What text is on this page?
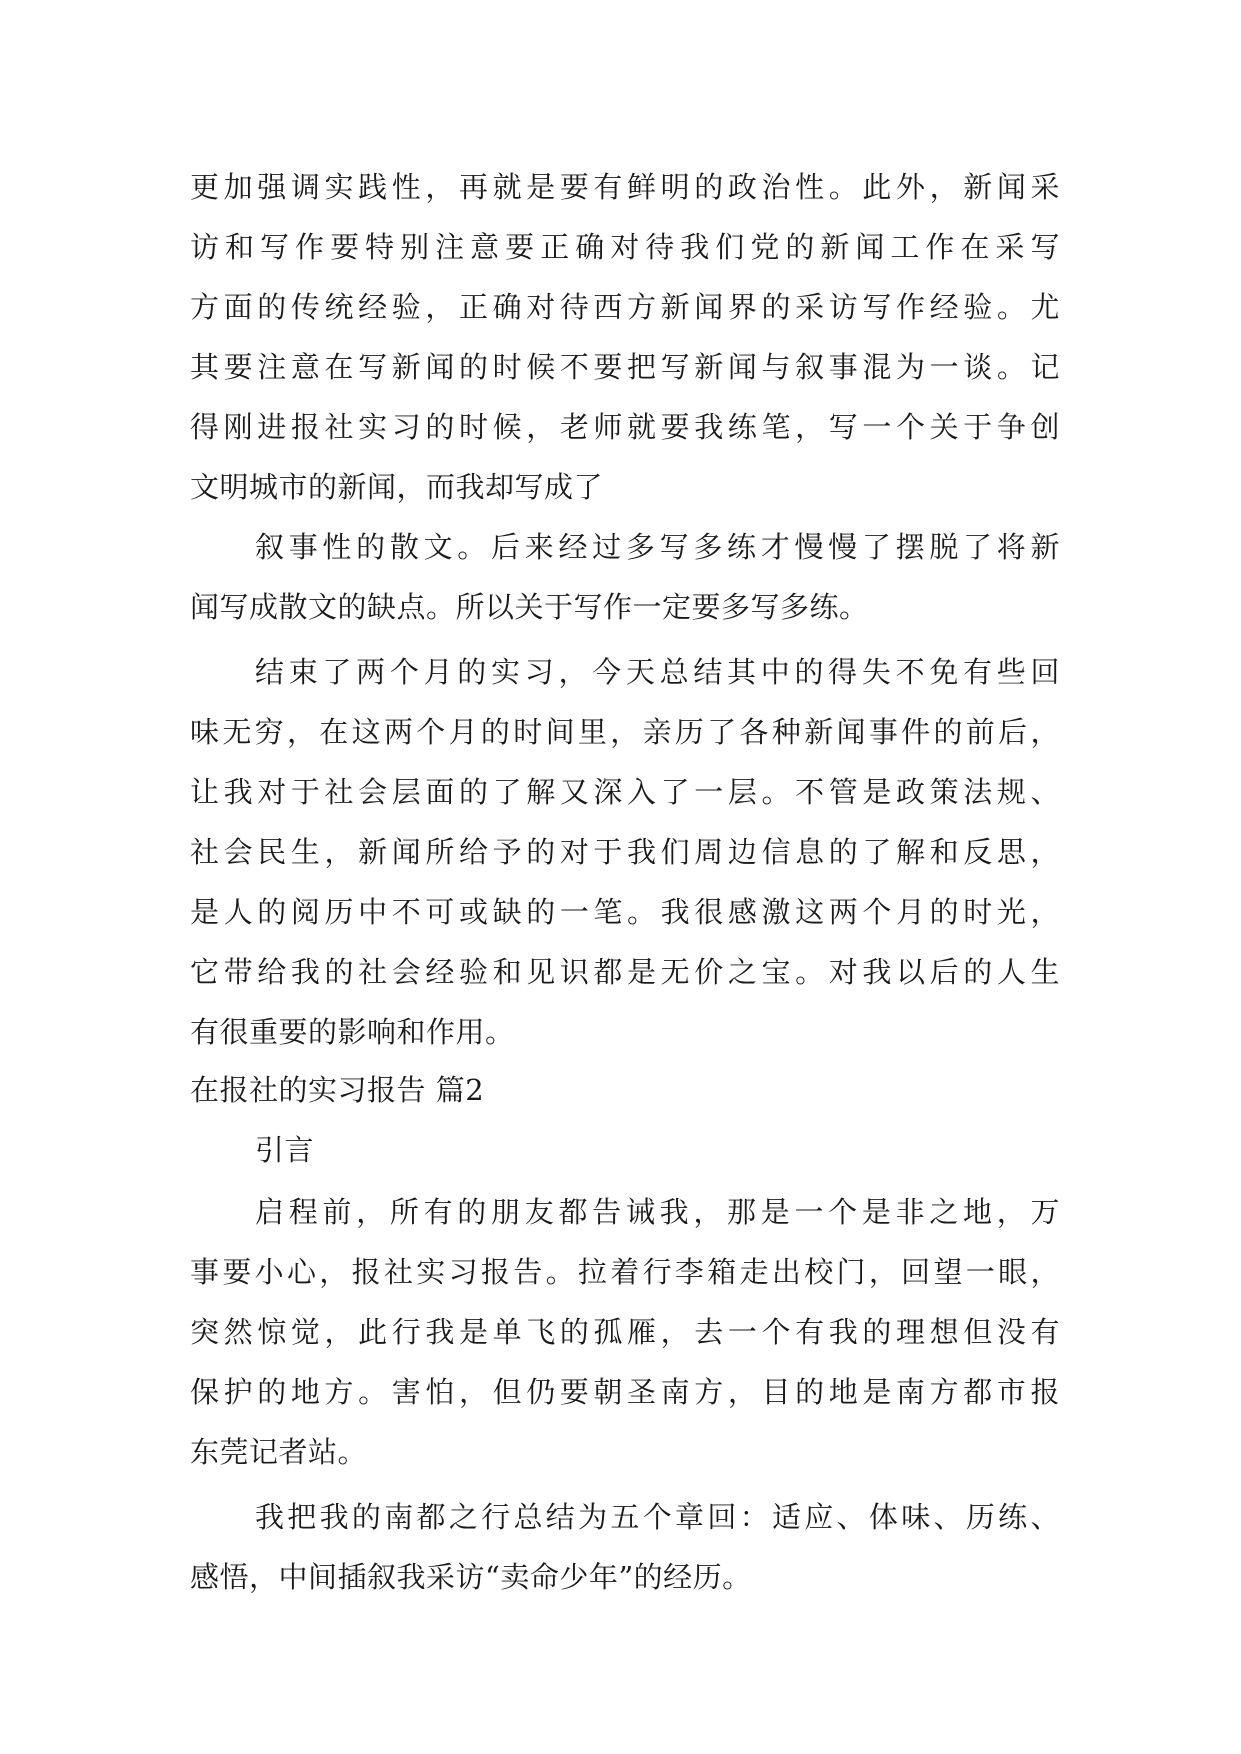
更加强调实践性，再就是要有鲜明的政治性。此外，新闻采
访和写作要特别注意要正确对待我们党的新闻工作在采写
方面的传统经验，正确对待西方新闻界的采访写作经验。尤
其要注意在写新闻的时候不要把写新闻与叙事混为一谈。记
得刚进报社实习的时候，老师就要我练笔，写一个关于争创
文明城市的新闻，而我却写成了
叙事性的散文。后来经过多写多练才慢慢了摆脱了将新
闻写成散文的缺点。所以关于写作一定要多写多练。
结束了两个月的实习，今天总结其中的得失不免有些回
味无穷，在这两个月的时间里，亲历了各种新闻事件的前后，
让我对于社会层面的了解又深入了一层。不管是政策法规、
社会民生，新闻所给予的对于我们周边信息的了解和反思，
是人的阅历中不可或缺的一笔。我很感激这两个月的时光，
它带给我的社会经验和见识都是无价之宝。对我以后的人生
有很重要的影响和作用。
在报社的实习报告 篇2
引言
启程前，所有的朋友都告诫我，那是一个是非之地，万
事要小心，报社实习报告。拉着行李箱走出校门，回望一眼，
突然惊觉，此行我是单飞的孤雁，去一个有我的理想但没有
保护的地方。害怕，但仍要朝圣南方，目的地是南方都市报
东莞记者站。
我把我的南都之行总结为五个章回：适应、体味、历练、
感悟，中间插叙我采访“卖命少年”的经历。
